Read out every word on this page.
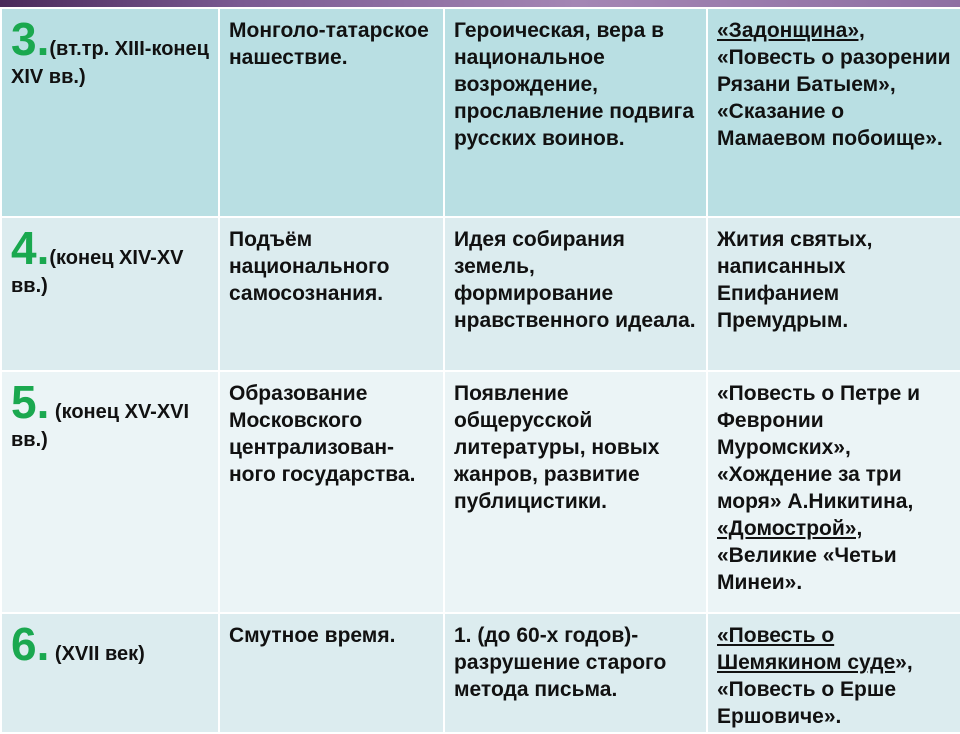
3.(вт.тр. XIII-конец XIV вв.)	Монголо-татарское нашествие.	Героическая, вера в национальное возрождение, прославление подвига русских воинов.	«Задонщина», «Повесть о разорении Рязани Батыем», «Сказание о Мамаевом побоище».
4.(конец XIV-XV вв.)	Подъём национального самосознания.	Идея собирания земель, формирование нравственного идеала.	Жития святых, написанных Епифанием Премудрым.
5. (конец XV-XVI вв.)	Образование Московского централизован-ного государства.	Появление общерусской литературы, новых жанров, развитие публицистики.	«Повесть о Петре и Февронии Муромских», «Хождение за три моря» А.Никитина, «Домострой», «Великие «Четьи Минеи».
6. (XVII век)	Смутное время.	1. (до 60-х годов)- разрушение старого метода письма.	«Повесть о Шемякином суде», «Повесть о Ерше Ершовиче».
